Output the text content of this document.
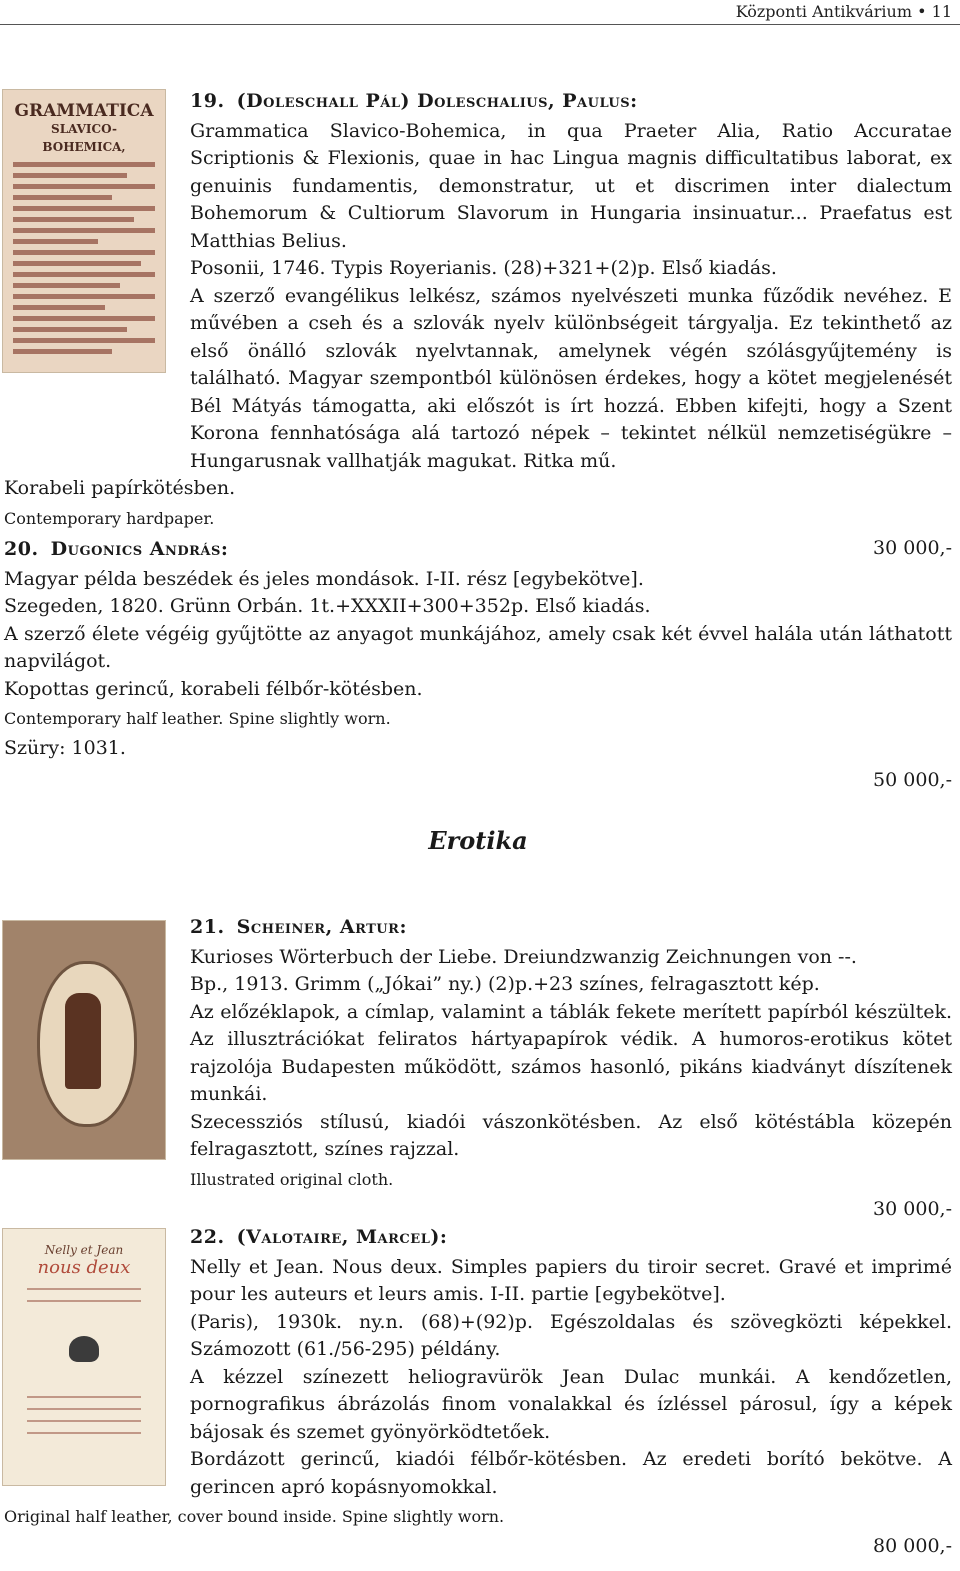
Központi Antikvárium • 11
GRAMMATICA
SLAVICO-BOHEMICA,

19. (Doleschall Pál) Doleschalius, Paulus:

Grammatica Slavico-Bohemica, in qua Praeter Alia, Ratio Accuratae Scriptionis & Flexionis, quae in hac Lingua magnis difficultatibus laborat, ex genuinis fundamentis, demonstratur, ut et discrimen inter dialectum Bohemorum & Cultiorum Slavorum in Hungaria insinuatur... Praefatus est Matthias Belius.

Posonii, 1746. Typis Royerianis. (28)+321+(2)p. Első kiadás.

A szerző evangélikus lelkész, számos nyelvészeti munka fűződik nevéhez. E művében a cseh és a szlovák nyelv különbségeit tárgyalja. Ez tekinthető az első önálló szlovák nyelvtannak, amelynek végén szólásgyűjtemény is található. Magyar szempontból különösen érdekes, hogy a kötet megjelenését Bél Mátyás támogatta, aki előszót is írt hozzá. Ebben kifejti, hogy a Szent Korona fennhatósága alá tartozó népek – tekintet nélkül nemzetiségükre – Hungarusnak vallhatják magukat. Ritka mű.

Korabeli papírkötésben.

Contemporary hardpaper.

30 000,-

20. Dugonics András:

Magyar példa beszédek és jeles mondások. I-II. rész [egybekötve].

Szegeden, 1820. Grünn Orbán. 1t.+XXXII+300+352p. Első kiadás.

A szerző élete végéig gyűjtötte az anyagot munkájához, amely csak két évvel halála után láthatott napvilágot.

Kopottas gerincű, korabeli félbőr-kötésben.

Contemporary half leather. Spine slightly worn.

Szüry: 1031.

50 000,-
Erotika

21. Scheiner, Artur:

Kurioses Wörterbuch der Liebe. Dreiundzwanzig Zeichnungen von --.

Bp., 1913. Grimm („Jókai” ny.) (2)p.+23 színes, felragasztott kép.

Az előzéklapok, a címlap, valamint a táblák fekete merített papírból készültek. Az illusztrációkat feliratos hártyapapírok védik. A humoros-erotikus kötet rajzolója Budapesten működött, számos hasonló, pikáns kiadványt díszítenek munkái.

Szecessziós stílusú, kiadói vászonkötésben. Az első kötéstábla közepén felragasztott, színes rajzzal.

Illustrated original cloth.

30 000,-
Nelly et Jean
nous deux

22. (Valotaire, Marcel):

Nelly et Jean. Nous deux. Simples papiers du tiroir secret. Gravé et imprimé pour les auteurs et leurs amis. I-II. partie [egybekötve].

(Paris), 1930k. ny.n. (68)+(92)p. Egészoldalas és szövegközti képekkel. Számozott (61./56-295) példány.

A kézzel színezett heliogravürök Jean Dulac munkái. A kendőzetlen, pornografikus ábrázolás finom vonalakkal és ízléssel párosul, így a képek bájosak és szemet gyönyörködtetőek.

Bordázott gerincű, kiadói félbőr-kötésben. Az eredeti borító bekötve. A gerincen apró kopásnyomokkal.

Original half leather, cover bound inside. Spine slightly worn.

80 000,-
